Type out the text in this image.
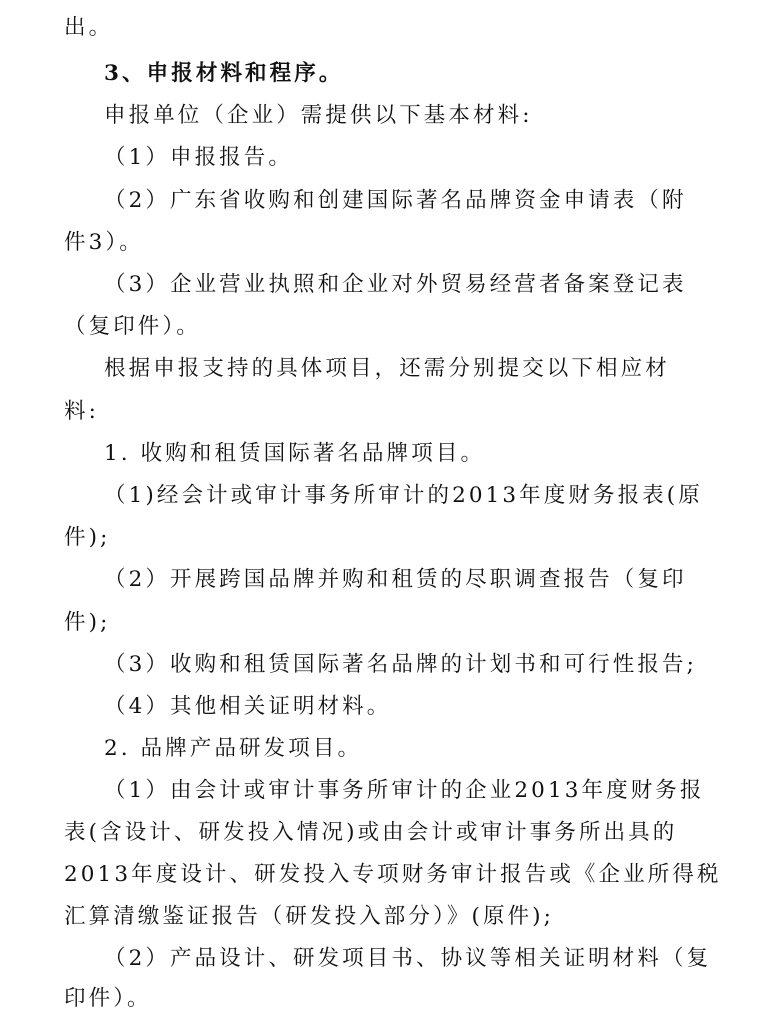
出。
3、申报材料和程序。
申报单位（企业）需提供以下基本材料:
（1）申报报告。
（2）广东省收购和创建国际著名品牌资金申请表（附
件3）。
（3）企业营业执照和企业对外贸易经营者备案登记表
（复印件）。
根据申报支持的具体项目，还需分别提交以下相应材
料:
1. 收购和租赁国际著名品牌项目。
（1)经会计或审计事务所审计的2013年度财务报表(原
件);
（2）开展跨国品牌并购和租赁的尽职调查报告（复印
件);
（3）收购和租赁国际著名品牌的计划书和可行性报告;
（4）其他相关证明材料。
2. 品牌产品研发项目。
（1）由会计或审计事务所审计的企业2013年度财务报
表(含设计、研发投入情况)或由会计或审计事务所出具的
2013年度设计、研发投入专项财务审计报告或《企业所得税
汇算清缴鉴证报告（研发投入部分）》(原件);
（2）产品设计、研发项目书、协议等相关证明材料（复
印件）。
